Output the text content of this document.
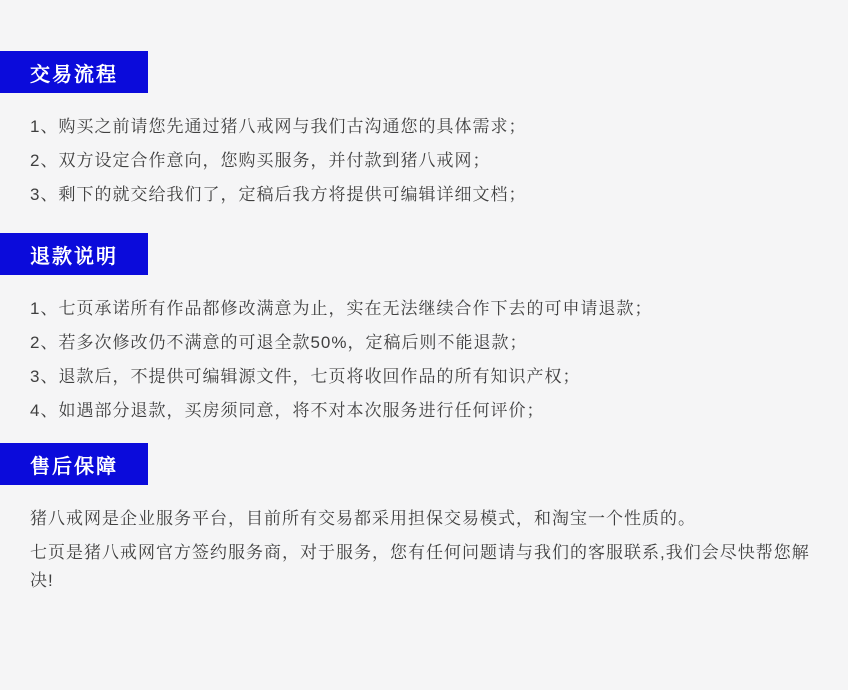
交易流程
1、购买之前请您先通过猪八戒网与我们古沟通您的具体需求；
2、双方设定合作意向，您购买服务，并付款到猪八戒网；
3、剩下的就交给我们了，定稿后我方将提供可编辑详细文档；
退款说明
1、七页承诺所有作品都修改满意为止，实在无法继续合作下去的可申请退款；
2、若多次修改仍不满意的可退全款50%，定稿后则不能退款；
3、退款后，不提供可编辑源文件，七页将收回作品的所有知识产权；
4、如遇部分退款，买房须同意，将不对本次服务进行任何评价；
售后保障

猪八戒网是企业服务平台，目前所有交易都采用担保交易模式，和淘宝一个性质的。

七页是猪八戒网官方签约服务商，对于服务，您有任何问题请与我们的客服联系,我们会尽快帮您解决!
